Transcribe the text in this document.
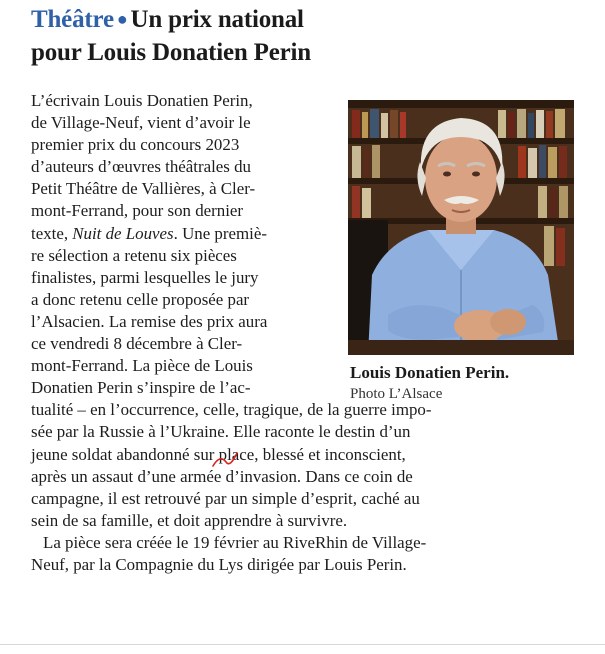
Théâtre ● Un prix national
pour Louis Donatien Perin
Louis Donatien Perin.
Photo L’Alsace
L’écrivain Louis Donatien Perin,
de Village-Neuf, vient d’avoir le
premier prix du concours 2023
d’auteurs d’œuvres théâtrales du
Petit Théâtre de Vallières, à Cler-
mont-Ferrand, pour son dernier
texte, Nuit de Louves. Une premiè-
re sélection a retenu six pièces
finalistes, parmi lesquelles le jury
a donc retenu celle proposée par
l’Alsacien. La remise des prix aura
ce vendredi 8 décembre à Cler-
mont-Ferrand. La pièce de Louis
Donatien Perin s’inspire de l’ac-
tualité – en l’occurrence, celle, tragique, de la guerre impo-
sée par la Russie à l’Ukraine. Elle raconte le destin d’un
jeune soldat abandonné sur place, blessé et inconscient,
après un assaut d’une armée d’invasion. Dans ce coin de
campagne, il est retrouvé par un simple d’esprit, caché au
sein de sa famille, et doit apprendre à survivre.
La pièce sera créée le 19 février au RiveRhin de Village-
Neuf, par la Compagnie du Lys dirigée par Louis Perin.
